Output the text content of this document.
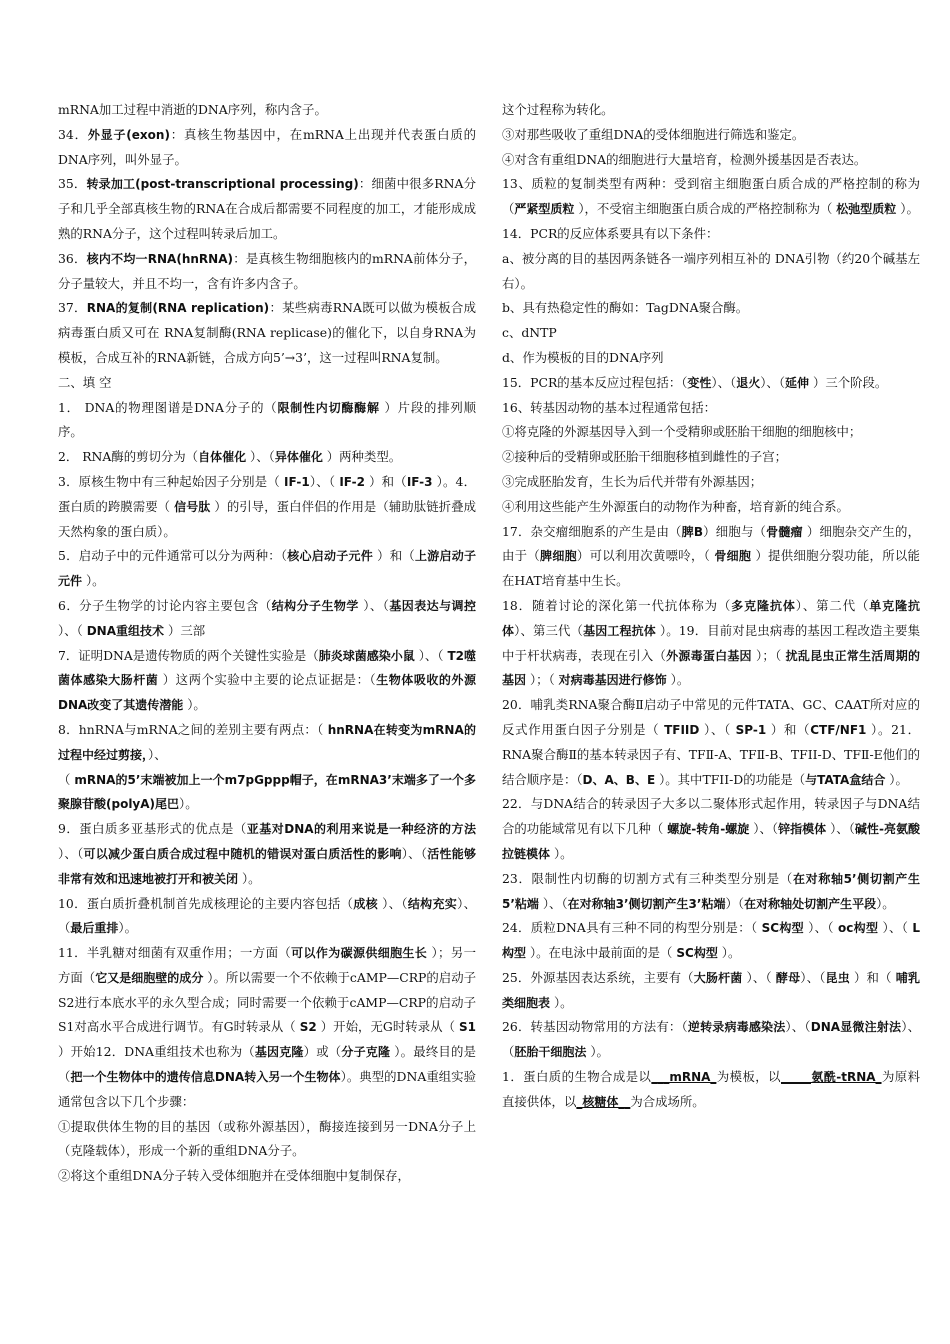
mRNA加工过程中消逝的DNA序列，称内含子。

34．外显子(exon)：真核生物基因中，在mRNA上出现并代表蛋白质的DNA序列，叫外显子。

35．转录加工(post-transcriptional processing)：细菌中很多RNA分子和几乎全部真核生物的RNA在合成后都需要不同程度的加工，才能形成成熟的RNA分子，这个过程叫转录后加工。

36．核内不均一RNA(hnRNA)：是真核生物细胞核内的mRNA前体分子，分子量较大，并且不均一，含有许多内含子。

37．RNA的复制(RNA replication)：某些病毒RNA既可以做为模板合成病毒蛋白质又可在 RNA复制酶(RNA replicase)的催化下，以自身RNA为模板，合成互补的RNA新链，合成方向5’→3’，这一过程叫RNA复制。

二、填 空

1． DNA的物理图谱是DNA分子的（限制性内切酶酶解 ）片段的排列顺序。

2． RNA酶的剪切分为（自体催化 ）、（异体催化 ）两种类型。

3．原核生物中有三种起始因子分别是（ IF-1）、（ IF-2 ）和（IF-3 ）。4．蛋白质的跨膜需要（ 信号肽 ）的引导，蛋白伴侣的作用是（辅助肽链折叠成天然构象的蛋白质）。

5．启动子中的元件通常可以分为两种：（核心启动子元件 ）和（上游启动子元件 ）。

6．分子生物学的讨论内容主要包含（结构分子生物学 ）、（基因表达与调控 ）、（ DNA重组技术 ）三部

7．证明DNA是遗传物质的两个关键性实验是（肺炎球菌感染小鼠 ）、（ T2噬菌体感染大肠杆菌 ）这两个实验中主要的论点证据是：（生物体吸收的外源DNA改变了其遗传潜能 ）。

8．hnRNA与mRNA之间的差别主要有两点：（ hnRNA在转变为mRNA的过程中经过剪接，）、

（ mRNA的5’末端被加上一个m7pGppp帽子，在mRNA3’末端多了一个多聚腺苷酸(polyA)尾巴）。

9．蛋白质多亚基形式的优点是（亚基对DNA的利用来说是一种经济的方法 ）、（可以减少蛋白质合成过程中随机的错误对蛋白质活性的影响）、（活性能够非常有效和迅速地被打开和被关闭 ）。

10．蛋白质折叠机制首先成核理论的主要内容包括（成核 ）、（结构充实）、（最后重排）。

11．半乳糖对细菌有双重作用；一方面（可以作为碳源供细胞生长 ）；另一方面（它又是细胞壁的成分 ）。所以需要一个不依赖于cAMP—CRP的启动子S2进行本底水平的永久型合成；同时需要一个依赖于cAMP—CRP的启动子S1对高水平合成进行调节。有G时转录从（ S2 ）开始，无G时转录从（ S1 ）开始12．DNA重组技术也称为（基因克隆）或（分子克隆 ）。最终目的是（把一个生物体中的遗传信息DNA转入另一个生物体）。典型的DNA重组实验通常包含以下几个步骤：

①提取供体生物的目的基因（或称外源基因），酶接连接到另一DNA分子上（克隆载体），形成一个新的重组DNA分子。

②将这个重组DNA分子转入受体细胞并在受体细胞中复制保存，

这个过程称为转化。

③对那些吸收了重组DNA的受体细胞进行筛选和鉴定。

④对含有重组DNA的细胞进行大量培育，检测外援基因是否表达。

13、质粒的复制类型有两种：受到宿主细胞蛋白质合成的严格控制的称为（严紧型质粒 ），不受宿主细胞蛋白质合成的严格控制称为（ 松弛型质粒 ）。

14．PCR的反应体系要具有以下条件：

a、被分离的目的基因两条链各一端序列相互补的 DNA引物（约20个碱基左右）。

b、具有热稳定性的酶如：TagDNA聚合酶。

c、dNTP

d、作为模板的目的DNA序列

15．PCR的基本反应过程包括：（变性）、（退火）、（延伸 ）三个阶段。

16、转基因动物的基本过程通常包括：

①将克隆的外源基因导入到一个受精卵或胚胎干细胞的细胞核中；

②接种后的受精卵或胚胎干细胞移植到雌性的子宫；

③完成胚胎发育，生长为后代并带有外源基因；

④利用这些能产生外源蛋白的动物作为种畜，培育新的纯合系。

17．杂交瘤细胞系的产生是由（脾B）细胞与（骨髓瘤 ）细胞杂交产生的，由于（脾细胞）可以利用次黄嘌呤，（ 骨细胞 ）提供细胞分裂功能，所以能在HAT培育基中生长。

18．随着讨论的深化第一代抗体称为（多克隆抗体）、第二代（单克隆抗体）、第三代（基因工程抗体 ）。19．目前对昆虫病毒的基因工程改造主要集中于杆状病毒，表现在引入（外源毒蛋白基因 ）；（ 扰乱昆虫正常生活周期的基因 ）；（ 对病毒基因进行修饰 ）。

20．哺乳类RNA聚合酶Ⅱ启动子中常见的元件TATA、GC、CAAT所对应的反式作用蛋白因子分别是（ TFIID ）、（ SP-1 ）和（CTF/NF1 ）。21．RNA聚合酶Ⅱ的基本转录因子有、TFⅡ-A、TFⅡ-B、TFII-D、TFⅡ-E他们的结合顺序是：（D、A、B、E ）。其中TFII-D的功能是（与TATA盒结合 ）。

22．与DNA结合的转录因子大多以二聚体形式起作用，转录因子与DNA结合的功能域常见有以下几种（ 螺旋-转角-螺旋 ）、（锌指模体 ）、（碱性-亮氨酸拉链模体 ）。

23．限制性内切酶的切割方式有三种类型分别是（在对称轴5’侧切割产生5’粘端 ）、（在对称轴3’侧切割产生3’粘端）（在对称轴处切割产生平段）。

24．质粒DNA具有三种不同的构型分别是：（ SC构型 ）、（ oc构型 ）、（ L构型 ）。在电泳中最前面的是（ SC构型 ）。

25．外源基因表达系统，主要有（大肠杆菌 ）、（ 酵母）、（昆虫 ）和（ 哺乳类细胞表 ）。

26．转基因动物常用的方法有：（逆转录病毒感染法）、（DNA显微注射法）、（胚胎干细胞法 ）。

1．蛋白质的生物合成是以___mRNA_为模板，以_____氨酰-tRNA_为原料直接供体，以_核糖体__为合成场所。
